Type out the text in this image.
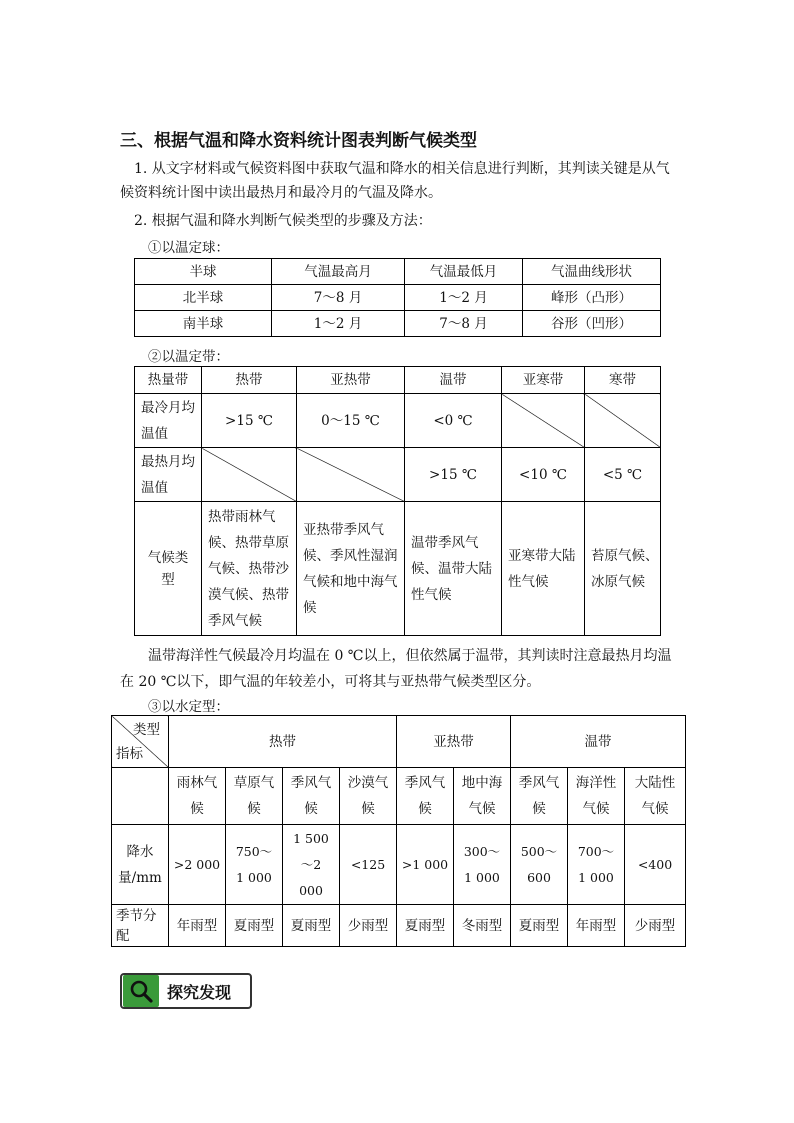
三、根据气温和降水资料统计图表判断气候类型
1. 从文字材料或气候资料图中获取气温和降水的相关信息进行判断，其判读关键是从气候资料统计图中读出最热月和最冷月的气温及降水。
2. 根据气温和降水判断气候类型的步骤及方法：
①以温定球：
半球	气温最高月	气温最低月	气温曲线形状
北半球	7～8 月	1～2 月	峰形（凸形）
南半球	1～2 月	7～8 月	谷形（凹形）
②以温定带：
热量带	热带	亚热带	温带	亚寒带	寒带
最冷月均温值	>15 ℃	0～15 ℃	<0 ℃		
最热月均温值			>15 ℃	<10 ℃	<5 ℃
气候类型	热带雨林气候、热带草原气候、热带沙漠气候、热带季风气候	亚热带季风气候、季风性湿润气候和地中海气候	温带季风气候、温带大陆性气候	亚寒带大陆性气候	苔原气候、冰原气候
温带海洋性气候最冷月均温在 0 ℃以上，但依然属于温带，其判读时注意最热月均温在 20 ℃以下，即气温的年较差小，可将其与亚热带气候类型区分。
③以水定型：
类型
指标	热带				亚热带		温带		
	雨林气候	草原气候	季风气候	沙漠气候	季风气候	地中海气候	季风气候	海洋性气候	大陆性气候
降水量/mm	>2 000	750～1 000	1 500～2 000	<125	>1 000	300～1 000	500～600	700～1 000	<400
季节分配	年雨型	夏雨型	夏雨型	少雨型	夏雨型	冬雨型	夏雨型	年雨型	少雨型
探究发现
